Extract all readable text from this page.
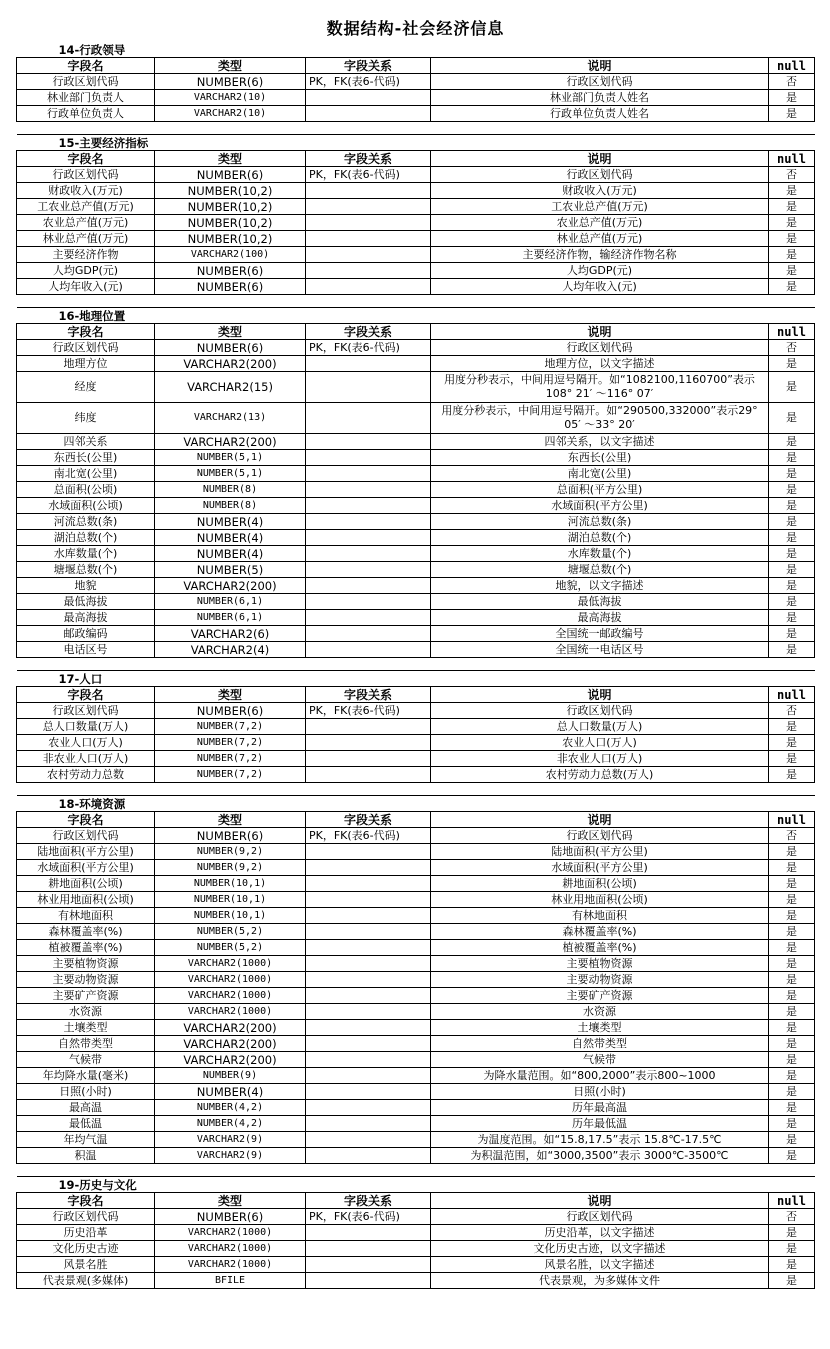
数据结构-社会经济信息				
14-行政领导				
字段名	类型	字段关系	说明	null
行政区划代码	NUMBER(6)	PK，FK(表6-代码)	行政区划代码	否
林业部门负责人	VARCHAR2(10)		林业部门负责人姓名	是
行政单位负责人	VARCHAR2(10)		行政单位负责人姓名	是

15-主要经济指标				
字段名	类型	字段关系	说明	null
行政区划代码	NUMBER(6)	PK，FK(表6-代码)	行政区划代码	否
财政收入(万元)	NUMBER(10,2)		财政收入(万元)	是
工农业总产值(万元)	NUMBER(10,2)		工农业总产值(万元)	是
农业总产值(万元)	NUMBER(10,2)		农业总产值(万元)	是
林业总产值(万元)	NUMBER(10,2)		林业总产值(万元)	是
主要经济作物	VARCHAR2(100)		主要经济作物，输经济作物名称	是
人均GDP(元)	NUMBER(6)		人均GDP(元)	是
人均年收入(元)	NUMBER(6)		人均年收入(元)	是

16-地理位置				
字段名	类型	字段关系	说明	null
行政区划代码	NUMBER(6)	PK，FK(表6-代码)	行政区划代码	否
地理方位	VARCHAR2(200)		地理方位，以文字描述	是
经度	VARCHAR2(15)		用度分秒表示，中间用逗号隔开。如“1082100,1160700”表示108° 21′ ～116° 07′	是
纬度	VARCHAR2(13)		用度分秒表示，中间用逗号隔开。如“290500,332000”表示29° 05′ ～33° 20′	是
四邻关系	VARCHAR2(200)		四邻关系，以文字描述	是
东西长(公里)	NUMBER(5,1)		东西长(公里)	是
南北宽(公里)	NUMBER(5,1)		南北宽(公里)	是
总面积(公顷)	NUMBER(8)		总面积(平方公里)	是
水域面积(公顷)	NUMBER(8)		水域面积(平方公里)	是
河流总数(条)	NUMBER(4)		河流总数(条)	是
湖泊总数(个)	NUMBER(4)		湖泊总数(个)	是
水库数量(个)	NUMBER(4)		水库数量(个)	是
塘堰总数(个)	NUMBER(5)		塘堰总数(个)	是
地貌	VARCHAR2(200)		地貌，以文字描述	是
最低海拔	NUMBER(6,1)		最低海拔	是
最高海拔	NUMBER(6,1)		最高海拔	是
邮政编码	VARCHAR2(6)		全国统一邮政编号	是
电话区号	VARCHAR2(4)		全国统一电话区号	是

17-人口				
字段名	类型	字段关系	说明	null
行政区划代码	NUMBER(6)	PK，FK(表6-代码)	行政区划代码	否
总人口数量(万人)	NUMBER(7,2)		总人口数量(万人)	是
农业人口(万人)	NUMBER(7,2)		农业人口(万人)	是
非农业人口(万人)	NUMBER(7,2)		非农业人口(万人)	是
农村劳动力总数	NUMBER(7,2)		农村劳动力总数(万人)	是

18-环境资源				
字段名	类型	字段关系	说明	null
行政区划代码	NUMBER(6)	PK，FK(表6-代码)	行政区划代码	否
陆地面积(平方公里)	NUMBER(9,2)		陆地面积(平方公里)	是
水域面积(平方公里)	NUMBER(9,2)		水域面积(平方公里)	是
耕地面积(公顷)	NUMBER(10,1)		耕地面积(公顷)	是
林业用地面积(公顷)	NUMBER(10,1)		林业用地面积(公顷)	是
有林地面积	NUMBER(10,1)		有林地面积	是
森林覆盖率(%)	NUMBER(5,2)		森林覆盖率(%)	是
植被覆盖率(%)	NUMBER(5,2)		植被覆盖率(%)	是
主要植物资源	VARCHAR2(1000)		主要植物资源	是
主要动物资源	VARCHAR2(1000)		主要动物资源	是
主要矿产资源	VARCHAR2(1000)		主要矿产资源	是
水资源	VARCHAR2(1000)		水资源	是
土壤类型	VARCHAR2(200)		土壤类型	是
自然带类型	VARCHAR2(200)		自然带类型	是
气候带	VARCHAR2(200)		气候带	是
年均降水量(毫米)	NUMBER(9)		为降水量范围。如“800,2000”表示800~1000	是
日照(小时)	NUMBER(4)		日照(小时)	是
最高温	NUMBER(4,2)		历年最高温	是
最低温	NUMBER(4,2)		历年最低温	是
年均气温	VARCHAR2(9)		为温度范围。如“15.8,17.5”表示 15.8℃-17.5℃	是
积温	VARCHAR2(9)		为积温范围，如“3000,3500”表示 3000℃-3500℃	是

19-历史与文化				
字段名	类型	字段关系	说明	null
行政区划代码	NUMBER(6)	PK，FK(表6-代码)	行政区划代码	否
历史沿革	VARCHAR2(1000)		历史沿革，以文字描述	是
文化历史古迹	VARCHAR2(1000)		文化历史古迹，以文字描述	是
风景名胜	VARCHAR2(1000)		风景名胜，以文字描述	是
代表景观(多媒体)	BFILE		代表景观，为多媒体文件	是
